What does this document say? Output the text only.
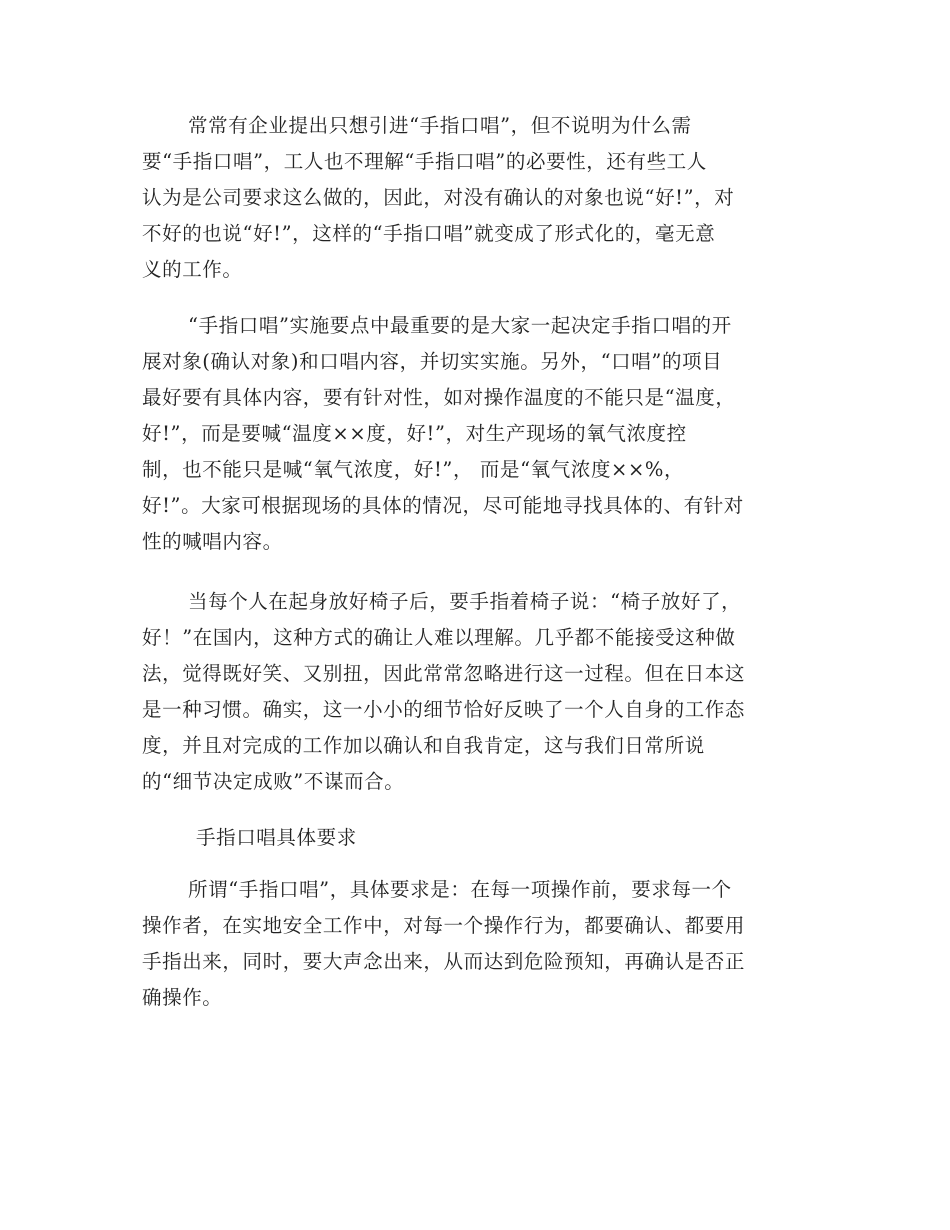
常常有企业提出只想引进“手指口唱”，但不说明为什么需
要“手指口唱”，工人也不理解“手指口唱”的必要性，还有些工人
认为是公司要求这么做的，因此，对没有确认的对象也说“好!”，对
不好的也说“好!”，这样的“手指口唱”就变成了形式化的，毫无意
义的工作。
“手指口唱”实施要点中最重要的是大家一起决定手指口唱的开
展对象(确认对象)和口唱内容，并切实实施。另外，“口唱”的项目
最好要有具体内容，要有针对性，如对操作温度的不能只是“温度，
好!”，而是要喊“温度××度，好!”，对生产现场的氧气浓度控
制，也不能只是喊“氧气浓度，好!”， 而是“氧气浓度××%，
好!”。大家可根据现场的具体的情况，尽可能地寻找具体的、有针对
性的喊唱内容。
当每个人在起身放好椅子后，要手指着椅子说：“椅子放好了，
好！”在国内，这种方式的确让人难以理解。几乎都不能接受这种做
法，觉得既好笑、又别扭，因此常常忽略进行这一过程。但在日本这
是一种习惯。确实，这一小小的细节恰好反映了一个人自身的工作态
度，并且对完成的工作加以确认和自我肯定，这与我们日常所说
的“细节决定成败”不谋而合。
手指口唱具体要求
所谓“手指口唱”，具体要求是：在每一项操作前，要求每一个
操作者，在实地安全工作中，对每一个操作行为，都要确认、都要用
手指出来，同时，要大声念出来，从而达到危险预知，再确认是否正
确操作。
